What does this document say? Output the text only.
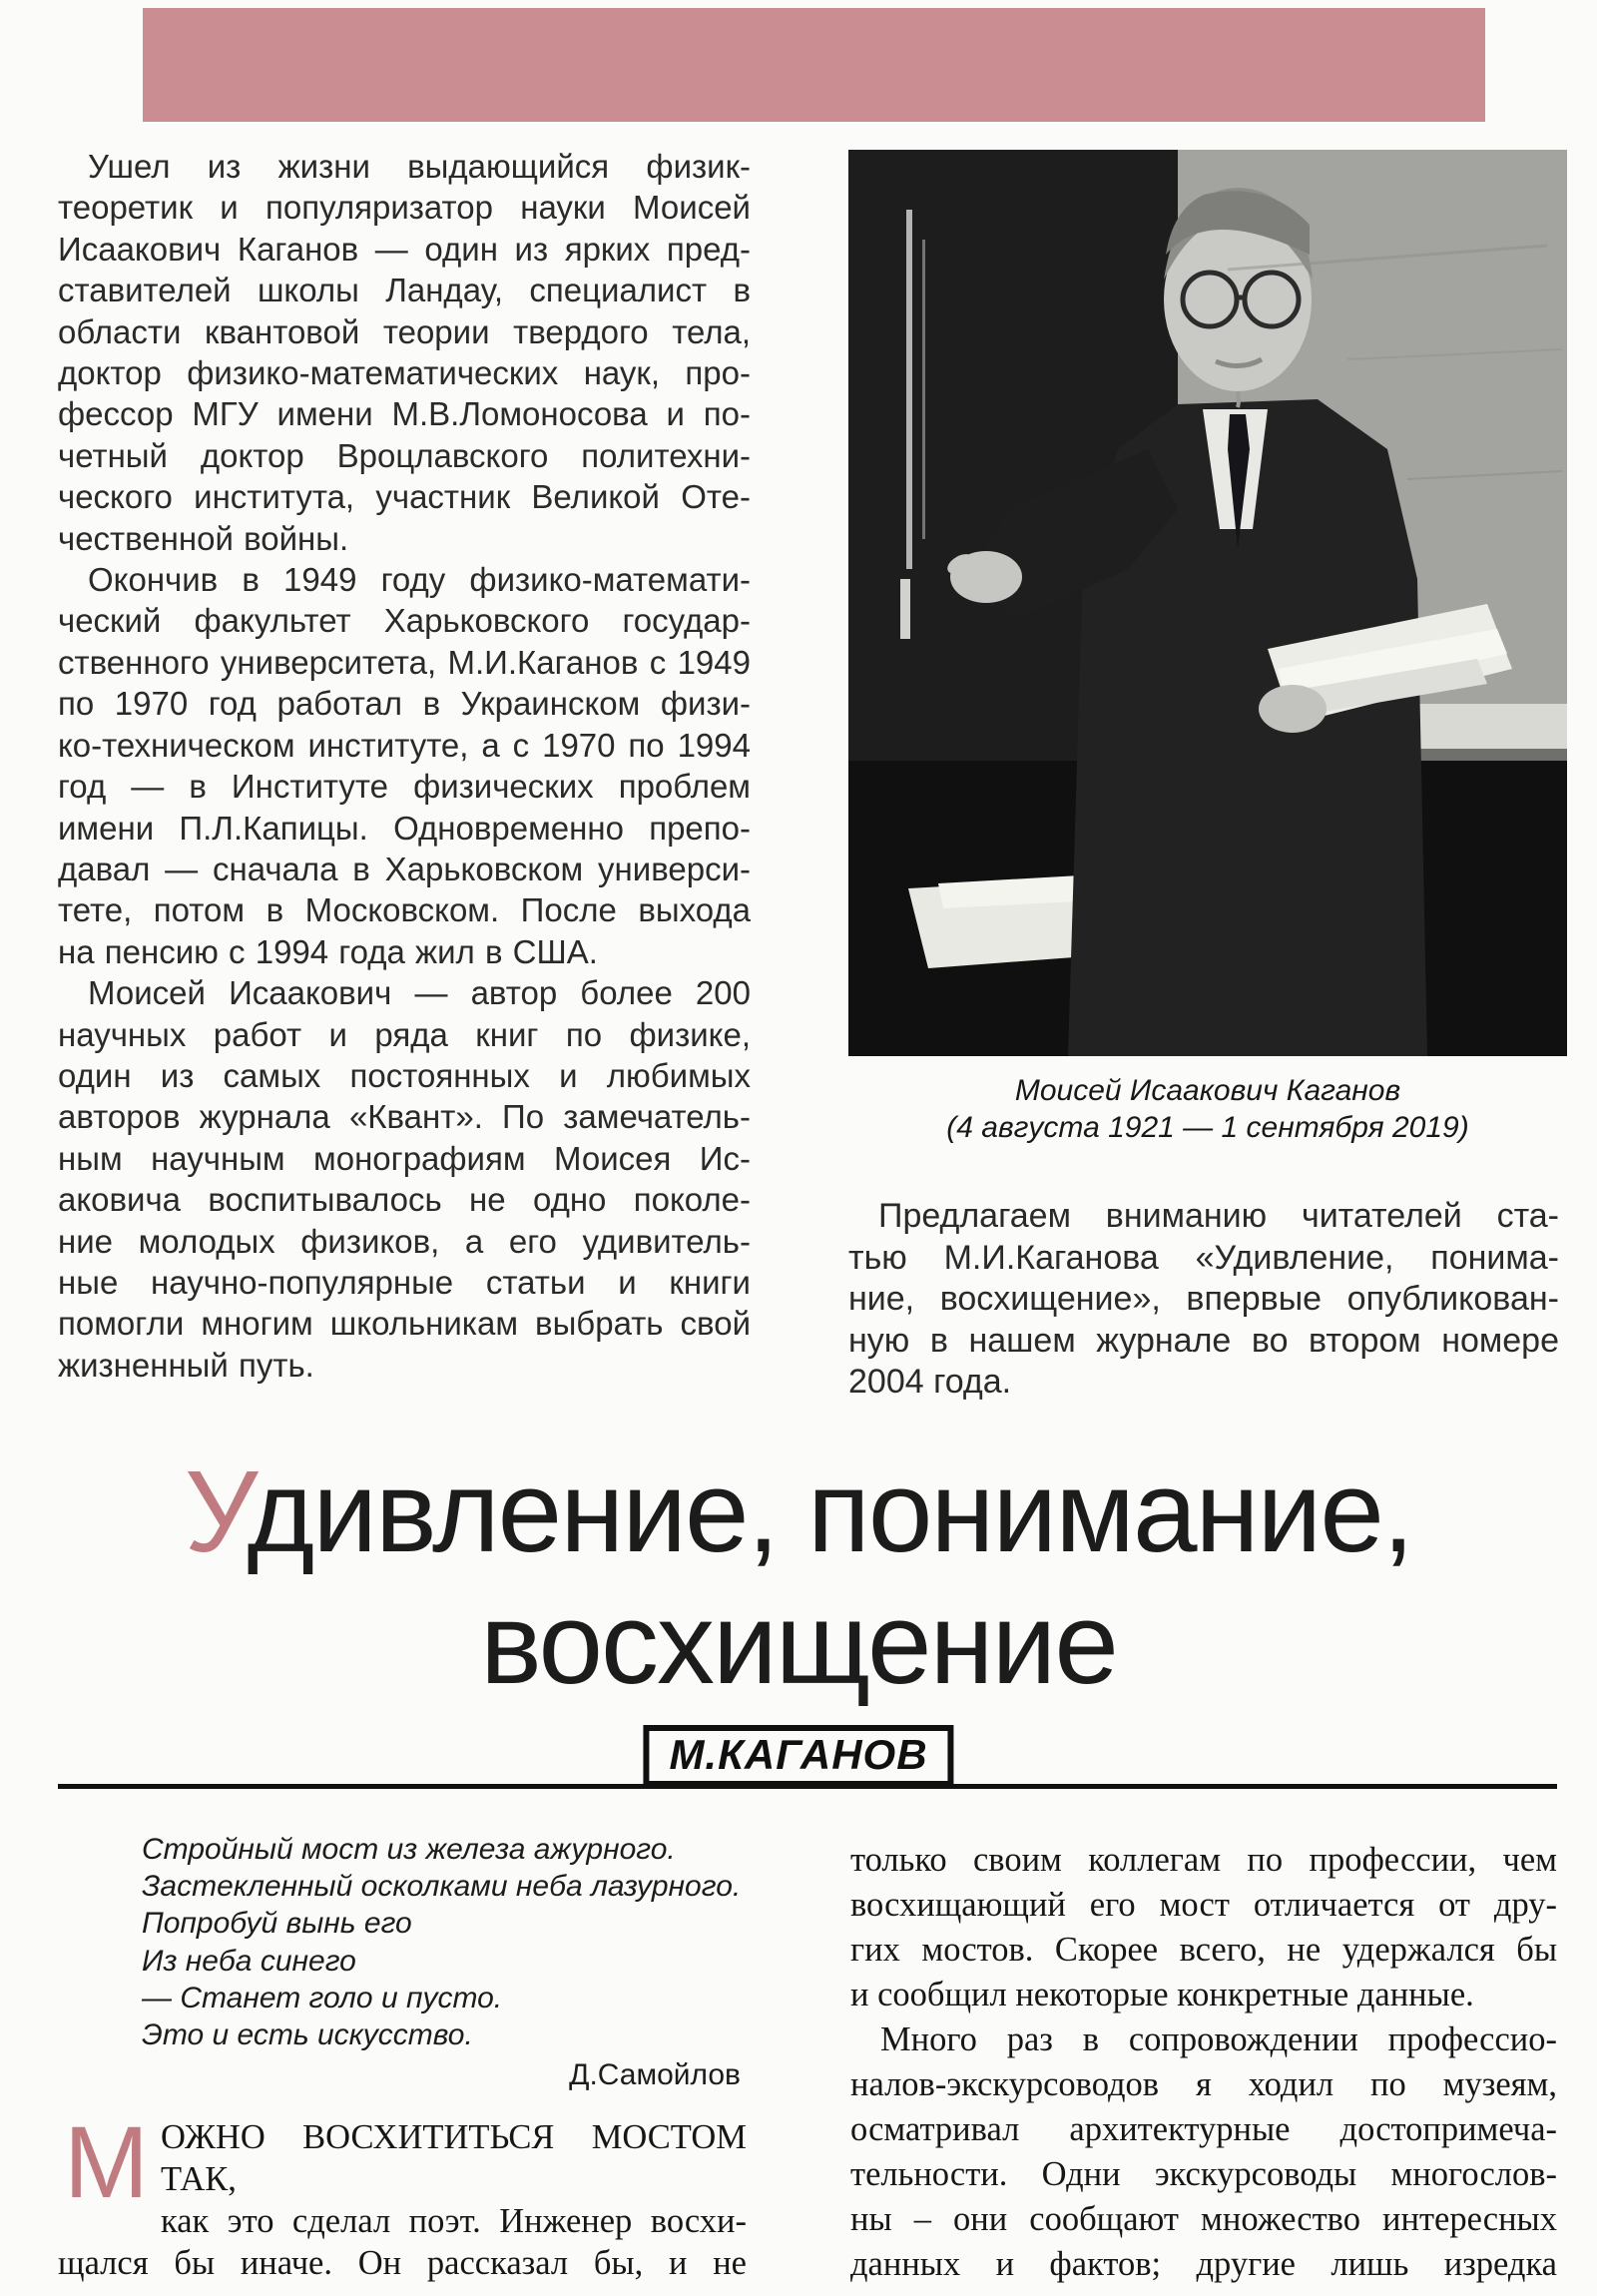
Ушел из жизни выдающийся физик-
теоретик и популяризатор науки Моисей
Исаакович Каганов — один из ярких пред-
ставителей школы Ландау, специалист в
области квантовой теории твердого тела,
доктор физико-математических наук, про-
фессор МГУ имени М.В.Ломоносова и по-
четный доктор Вроцлавского политехни-
ческого института, участник Великой Оте-
чественной войны.
Окончив в 1949 году физико-математи-
ческий факультет Харьковского государ-
ственного университета, М.И.Каганов с 1949
по 1970 год работал в Украинском физи-
ко-техническом институте, а с 1970 по 1994
год — в Институте физических проблем
имени П.Л.Капицы. Одновременно препо-
давал — сначала в Харьковском универси-
тете, потом в Московском. После выхода
на пенсию с 1994 года жил в США.
Моисей Исаакович — автор более 200
научных работ и ряда книг по физике,
один из самых постоянных и любимых
авторов журнала «Квант». По замечатель-
ным научным монографиям Моисея Ис-
аковича воспитывалось не одно поколе-
ние молодых физиков, а его удивитель-
ные научно-популярные статьи и книги
помогли многим школьникам выбрать свой
жизненный путь.
Моисей Исаакович Каганов
(4 августа 1921 — 1 сентября 2019)
Предлагаем вниманию читателей ста-
тью М.И.Каганова «Удивление, понима-
ние, восхищение», впервые опубликован-
ную в нашем журнале во втором номере
2004 года.
Удивление, понимание,
восхищение
М.КАГАНОВ
Стройный мост из железа ажурного.
Застекленный осколками неба лазурного.
Попробуй вынь его
Из неба синего
— Станет голо и пусто.
Это и есть искусство.
Д.Самойлов
М ОЖНО ВОСХИТИТЬСЯ МОСТОМ ТАК,
как это сделал поэт. Инженер восхи-
щался бы иначе. Он рассказал бы, и не
только своим коллегам по профессии, чем
восхищающий его мост отличается от дру-
гих мостов. Скорее всего, не удержался бы
и сообщил некоторые конкретные данные.
Много раз в сопровождении профессио-
налов-экскурсоводов я ходил по музеям,
осматривал архитектурные достопримеча-
тельности. Одни экскурсоводы многослов-
ны – они сообщают множество интересных
данных и фактов; другие лишь изредка
